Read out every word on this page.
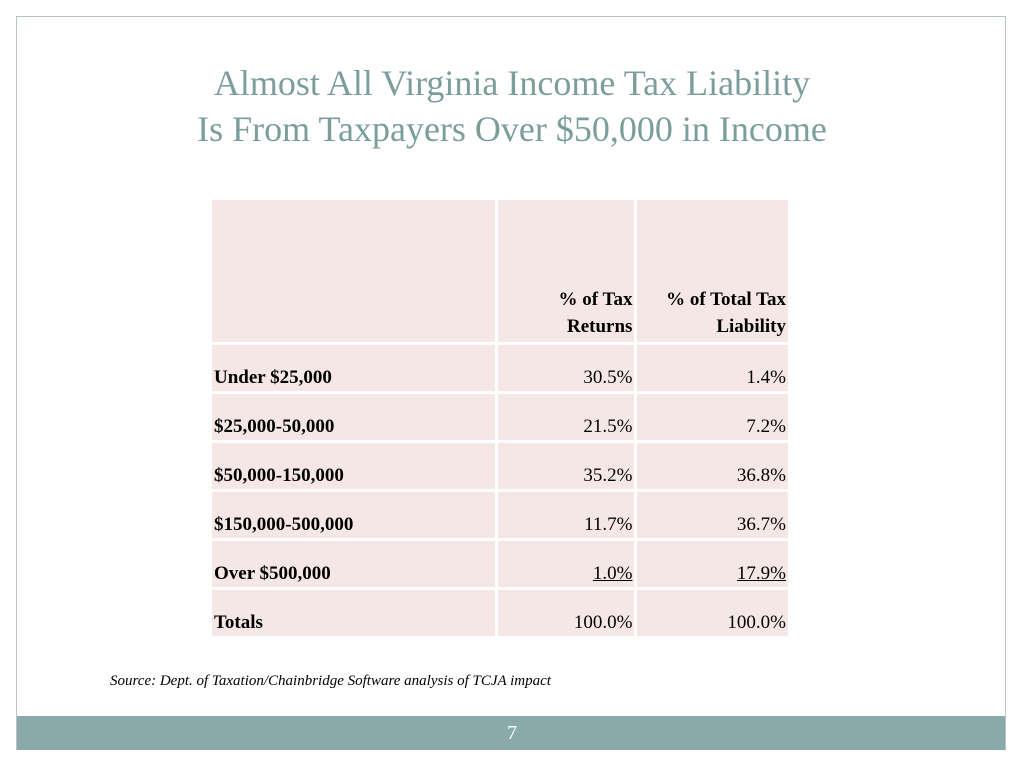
Almost All Virginia Income Tax Liability
Is From Taxpayers Over $50,000 in Income
	% of Tax Returns	% of Total Tax Liability
Under $25,000	30.5%	1.4%
$25,000-50,000	21.5%	7.2%
$50,000-150,000	35.2%	36.8%
$150,000-500,000	11.7%	36.7%
Over $500,000	1.0%	17.9%
Totals	100.0%	100.0%
Source: Dept. of Taxation/Chainbridge Software analysis of TCJA impact
7
